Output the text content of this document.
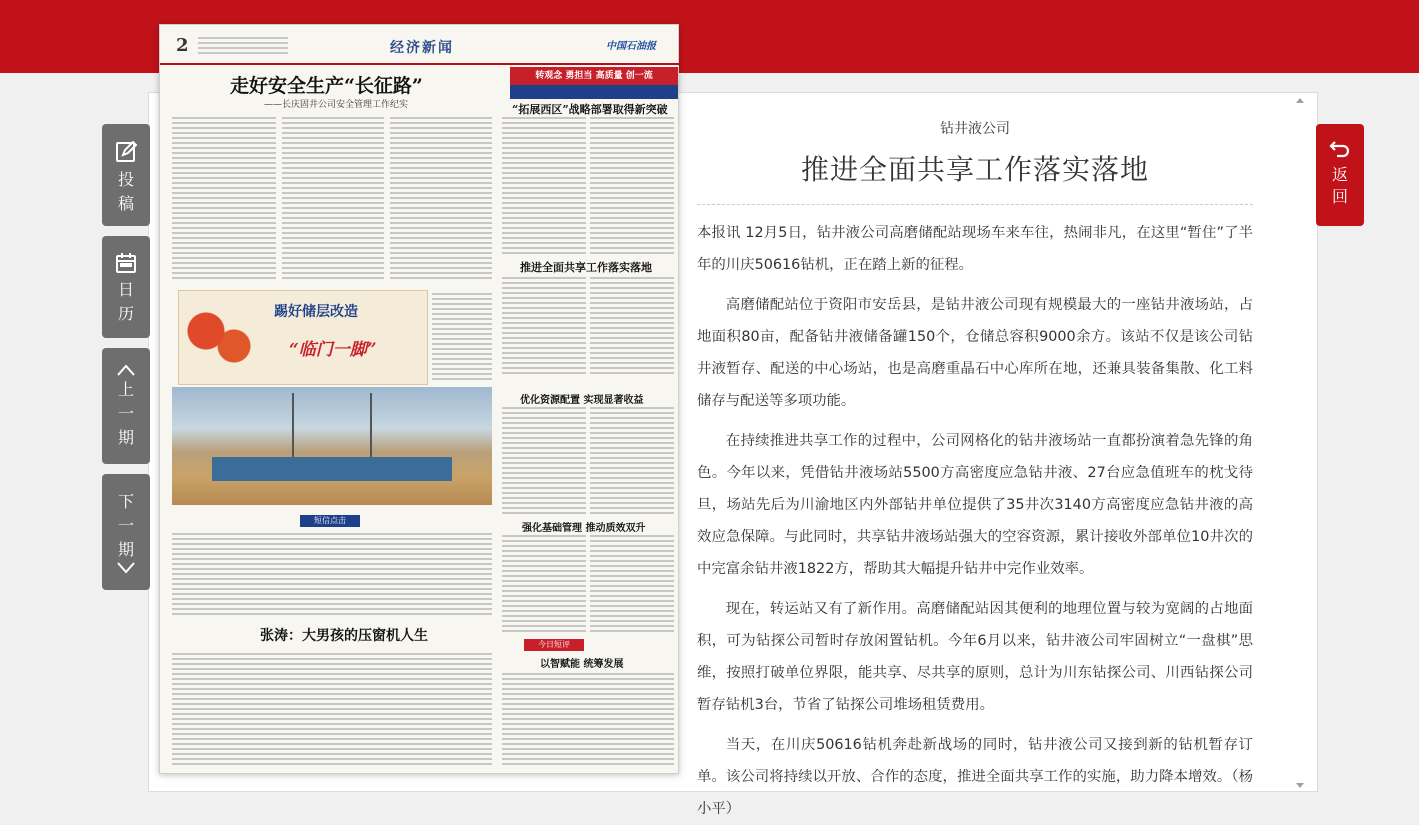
2	经济新闻	中国石油报
转观念 勇担当 高质量 创一流
走好安全生产“长征路”
——长庆固井公司安全管理工作纪实	“拓展西区”战略部署取得新突破
推进全面共享工作落实落地
踢好储层改造
“临门一脚”
优化资源配置 实现显著收益
短信点击
强化基础管理 推动质效双升
张涛：大男孩的压窗机人生
今日短评
以智赋能 统筹发展
投
稿
日
历
上
一
期
下
一
期
返
回
钻井液公司
推进全面共享工作落实落地

本报讯 12月5日，钻井液公司高磨储配站现场车来车往，热闹非凡，在这里“暂住”了半年的川庆50616钻机，正在踏上新的征程。

高磨储配站位于资阳市安岳县，是钻井液公司现有规模最大的一座钻井液场站，占地面积80亩，配备钻井液储备罐150个，仓储总容积9000余方。该站不仅是该公司钻井液暂存、配送的中心场站，也是高磨重晶石中心库所在地，还兼具装备集散、化工料储存与配送等多项功能。

在持续推进共享工作的过程中，公司网格化的钻井液场站一直都扮演着急先锋的角色。今年以来，凭借钻井液场站5500方高密度应急钻井液、27台应急值班车的枕戈待旦，场站先后为川渝地区内外部钻井单位提供了35井次3140方高密度应急钻井液的高效应急保障。与此同时，共享钻井液场站强大的空容资源，累计接收外部单位10井次的中完富余钻井液1822方，帮助其大幅提升钻井中完作业效率。

现在，转运站又有了新作用。高磨储配站因其便利的地理位置与较为宽阔的占地面积，可为钻探公司暂时存放闲置钻机。今年6月以来，钻井液公司牢固树立“一盘棋”思维，按照打破单位界限，能共享、尽共享的原则，总计为川东钻探公司、川西钻探公司暂存钻机3台，节省了钻探公司堆场租赁费用。

当天，在川庆50616钻机奔赴新战场的同时，钻井液公司又接到新的钻机暂存订单。该公司将持续以开放、合作的态度，推进全面共享工作的实施，助力降本增效。（杨小平）
